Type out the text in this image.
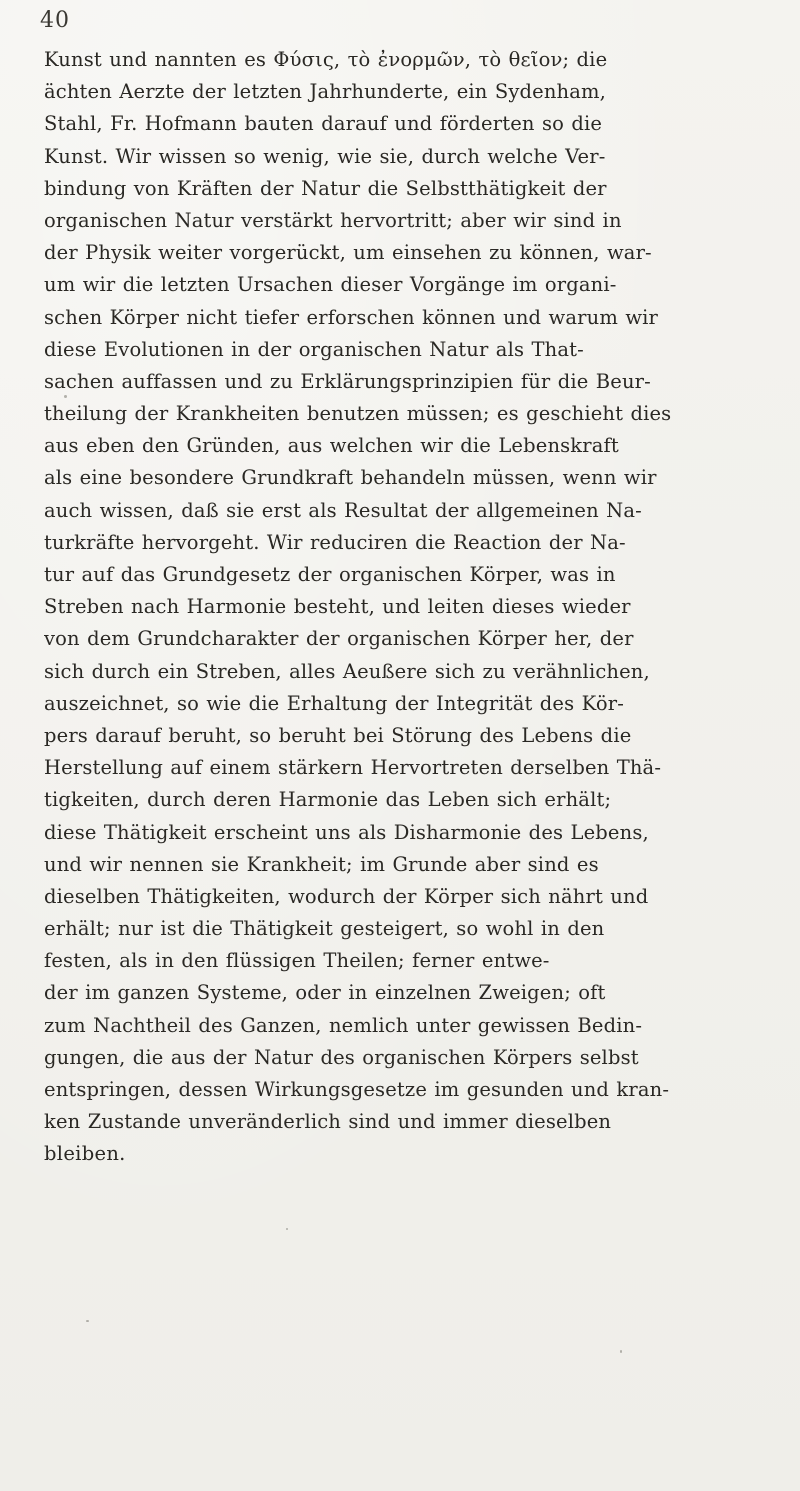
40
Kunst und nannten es Φύσις, τὸ ἐνορμῶν, τὸ θεῖον; die
ächten Aerzte der letzten Jahrhunderte, ein Sydenham,
Stahl, Fr. Hofmann bauten darauf und förderten so die
Kunst. Wir wissen so wenig, wie sie, durch welche Ver-
bindung von Kräften der Natur die Selbstthätigkeit der
organischen Natur verstärkt hervortritt; aber wir sind in
der Physik weiter vorgerückt, um einsehen zu können, war-
um wir die letzten Ursachen dieser Vorgänge im organi-
schen Körper nicht tiefer erforschen können und warum wir
diese Evolutionen in der organischen Natur als That-
sachen auffassen und zu Erklärungsprinzipien für die Beur-
theilung der Krankheiten benutzen müssen; es geschieht dies
aus eben den Gründen, aus welchen wir die Lebenskraft
als eine besondere Grundkraft behandeln müssen, wenn wir
auch wissen, daß sie erst als Resultat der allgemeinen Na-
turkräfte hervorgeht. Wir reduciren die Reaction der Na-
tur auf das Grundgesetz der organischen Körper, was in
Streben nach Harmonie besteht, und leiten dieses wieder
von dem Grundcharakter der organischen Körper her, der
sich durch ein Streben, alles Aeußere sich zu verähnlichen,
auszeichnet, so wie die Erhaltung der Integrität des Kör-
pers darauf beruht, so beruht bei Störung des Lebens die
Herstellung auf einem stärkern Hervortreten derselben Thä-
tigkeiten, durch deren Harmonie das Leben sich erhält;
diese Thätigkeit erscheint uns als Disharmonie des Lebens,
und wir nennen sie Krankheit; im Grunde aber sind es
dieselben Thätigkeiten, wodurch der Körper sich nährt und
erhält; nur ist die Thätigkeit gesteigert, so wohl in den
festen, als in den flüssigen Theilen; ferner entwe-
der im ganzen Systeme, oder in einzelnen Zweigen; oft
zum Nachtheil des Ganzen, nemlich unter gewissen Bedin-
gungen, die aus der Natur des organischen Körpers selbst
entspringen, dessen Wirkungsgesetze im gesunden und kran-
ken Zustande unveränderlich sind und immer dieselben
bleiben.
